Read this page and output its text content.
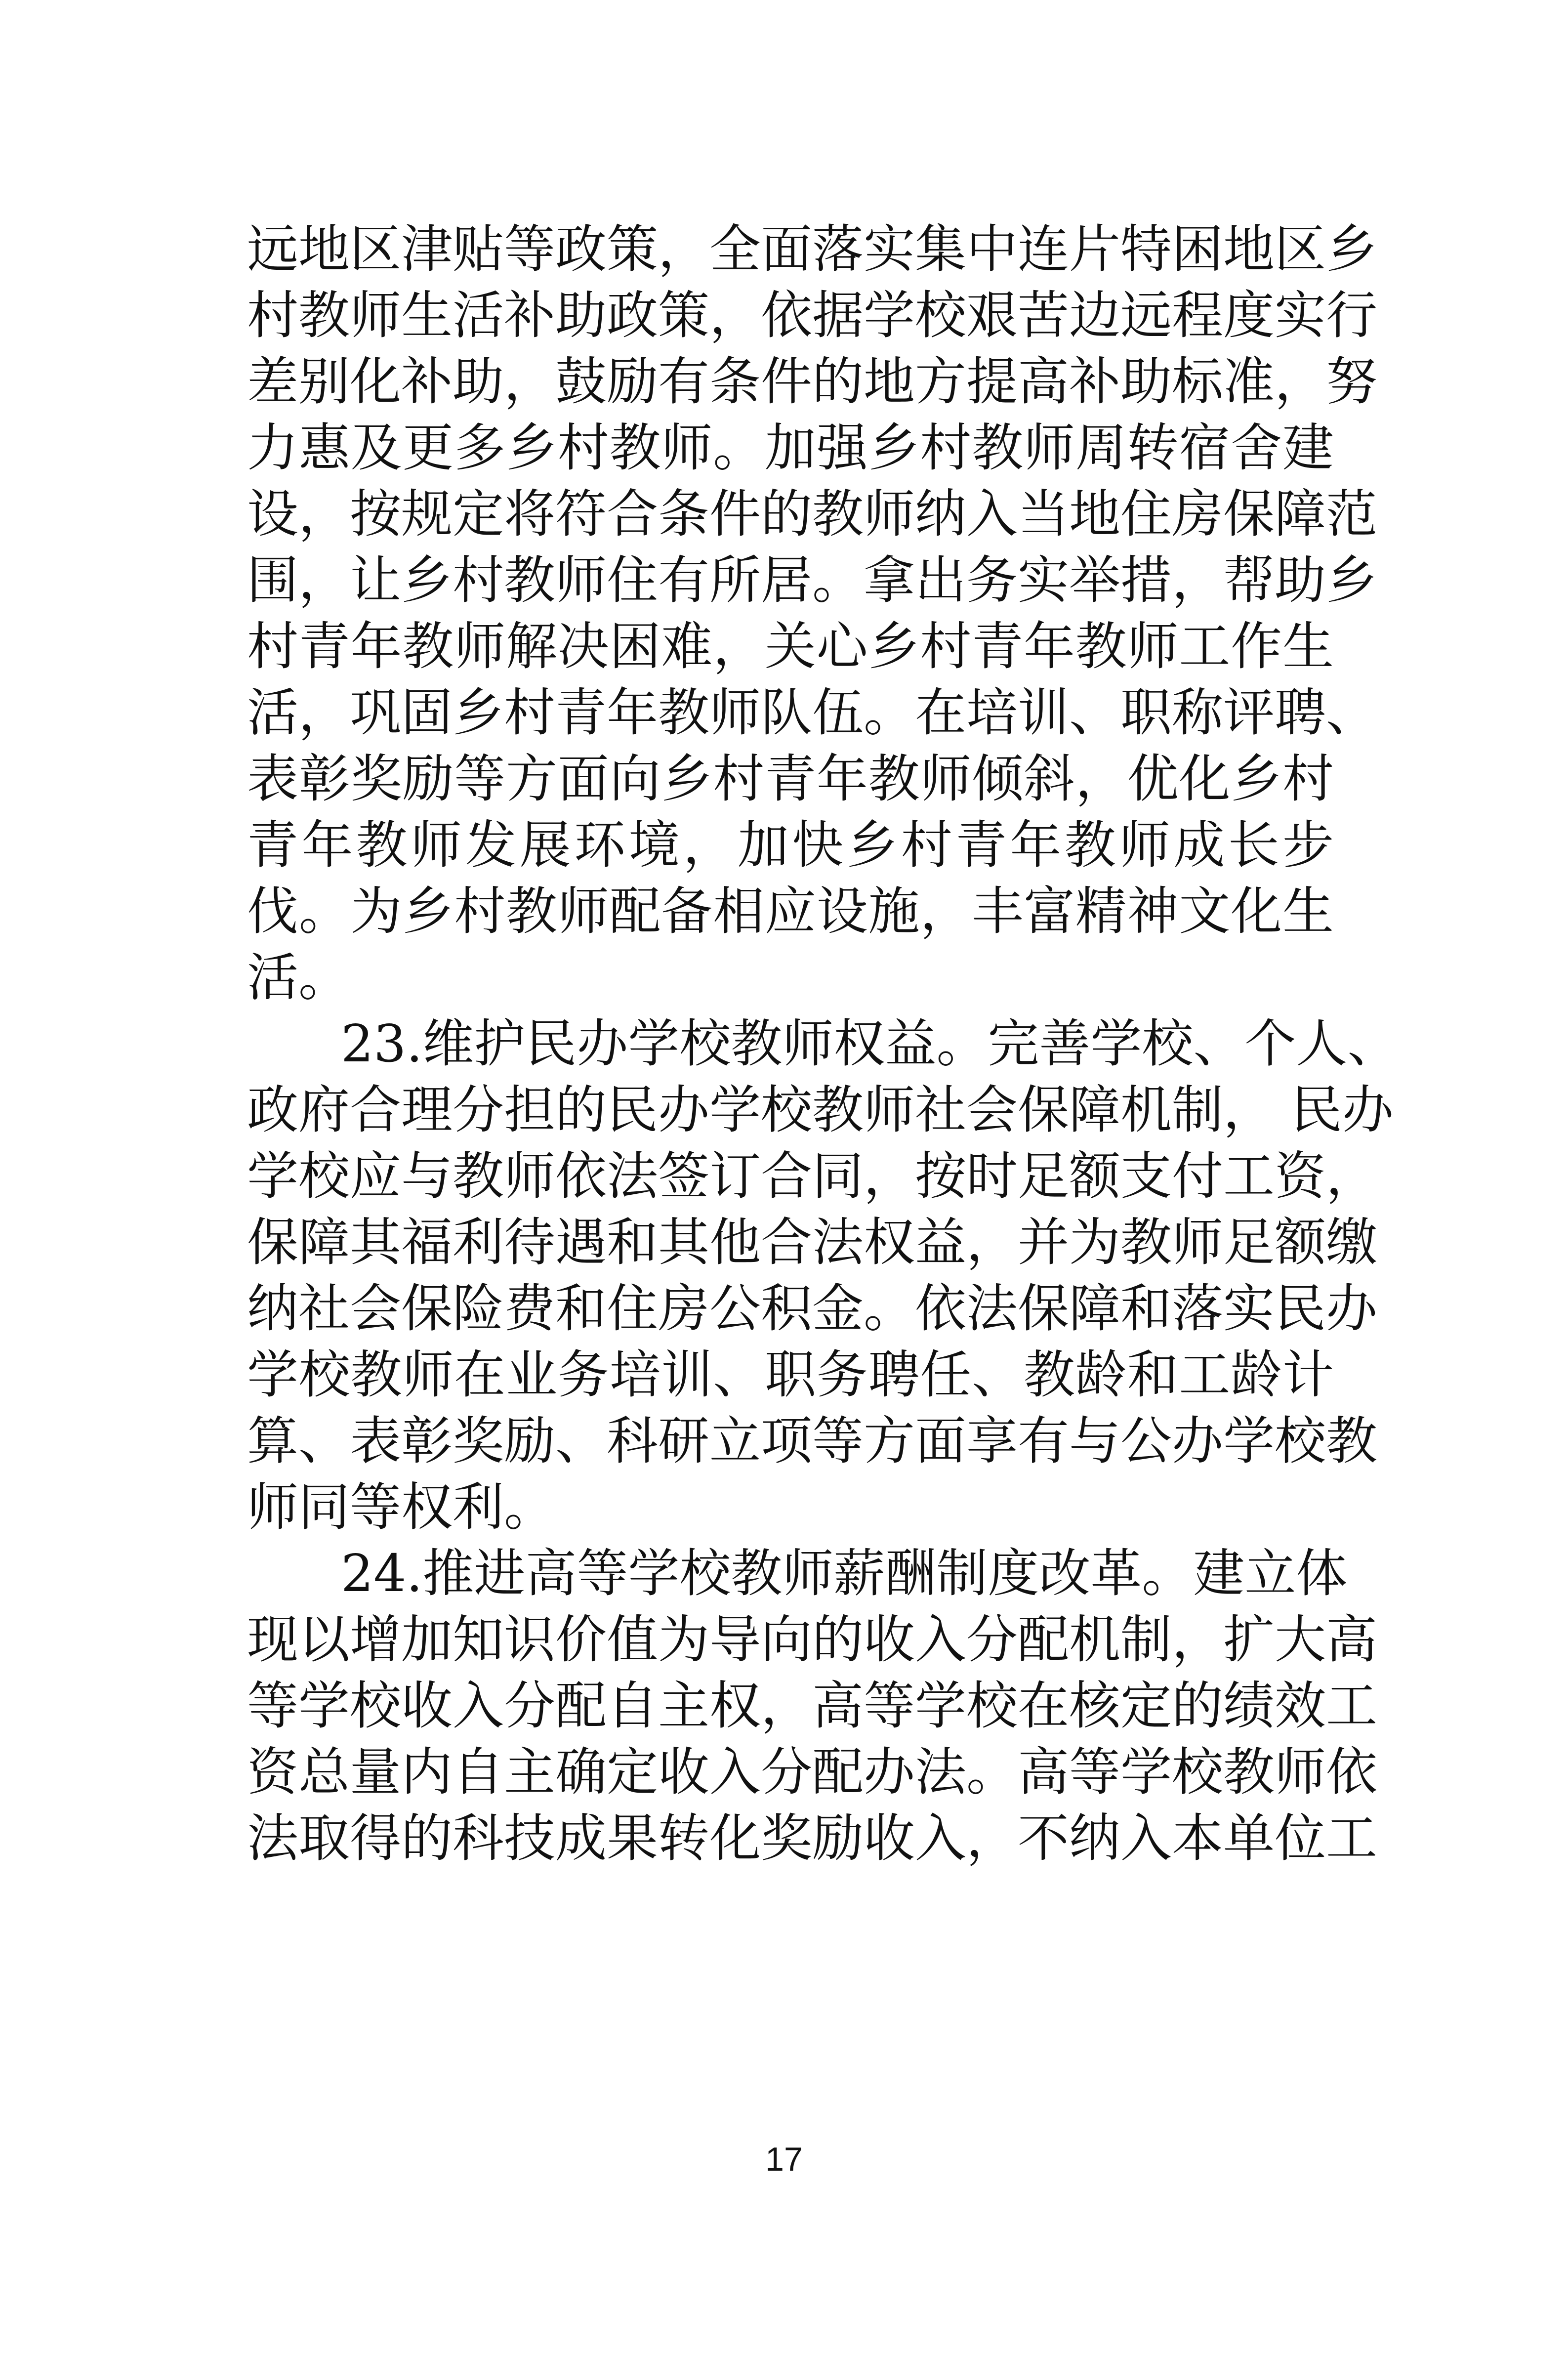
远地区津贴等政策，全面落实集中连片特困地区乡
村教师生活补助政策，依据学校艰苦边远程度实行
差别化补助，鼓励有条件的地方提高补助标准，努
力惠及更多乡村教师。加强乡村教师周转宿舍建
设，按规定将符合条件的教师纳入当地住房保障范
围，让乡村教师住有所居。拿出务实举措，帮助乡
村青年教师解决困难，关心乡村青年教师工作生
活，巩固乡村青年教师队伍。在培训、职称评聘、
表彰奖励等方面向乡村青年教师倾斜，优化乡村
青年教师发展环境，加快乡村青年教师成长步
伐。为乡村教师配备相应设施，丰富精神文化生
活。
23.维护民办学校教师权益。完善学校、个人、
政府合理分担的民办学校教师社会保障机制， 民办
学校应与教师依法签订合同，按时足额支付工资，
保障其福利待遇和其他合法权益，并为教师足额缴
纳社会保险费和住房公积金。依法保障和落实民办
学校教师在业务培训、职务聘任、教龄和工龄计
算、表彰奖励、科研立项等方面享有与公办学校教
师同等权利。
24.推进高等学校教师薪酬制度改革。建立体
现以增加知识价值为导向的收入分配机制，扩大高
等学校收入分配自主权，高等学校在核定的绩效工
资总量内自主确定收入分配办法。高等学校教师依
法取得的科技成果转化奖励收入，不纳入本单位工
17
